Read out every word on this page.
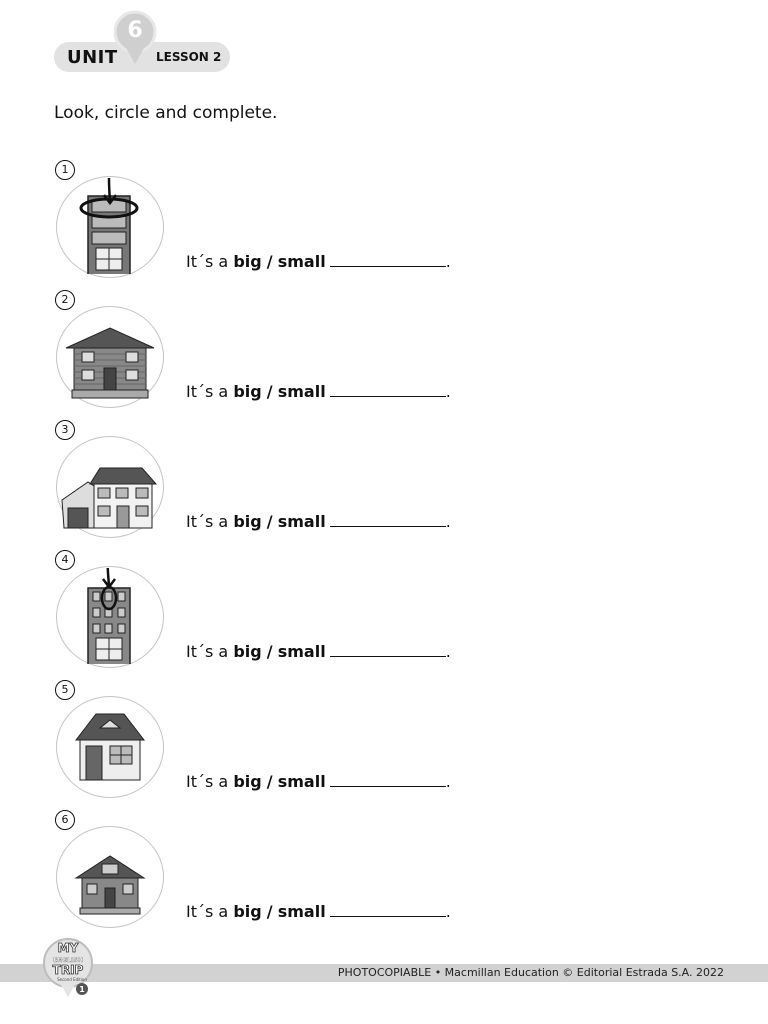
6
UNIT	LESSON 2
Look, circle and complete.
1
It´s a big / small	.
2
It´s a big / small	.
3
It´s a big / small	.
4
It´s a big / small	.
5
It´s a big / small	.
6
It´s a big / small	.
PHOTOCOPIABLE • Macmillan Education © Editorial Estrada S.A. 2022
MY
ENGLISH
TRIP
Second Edition
1
